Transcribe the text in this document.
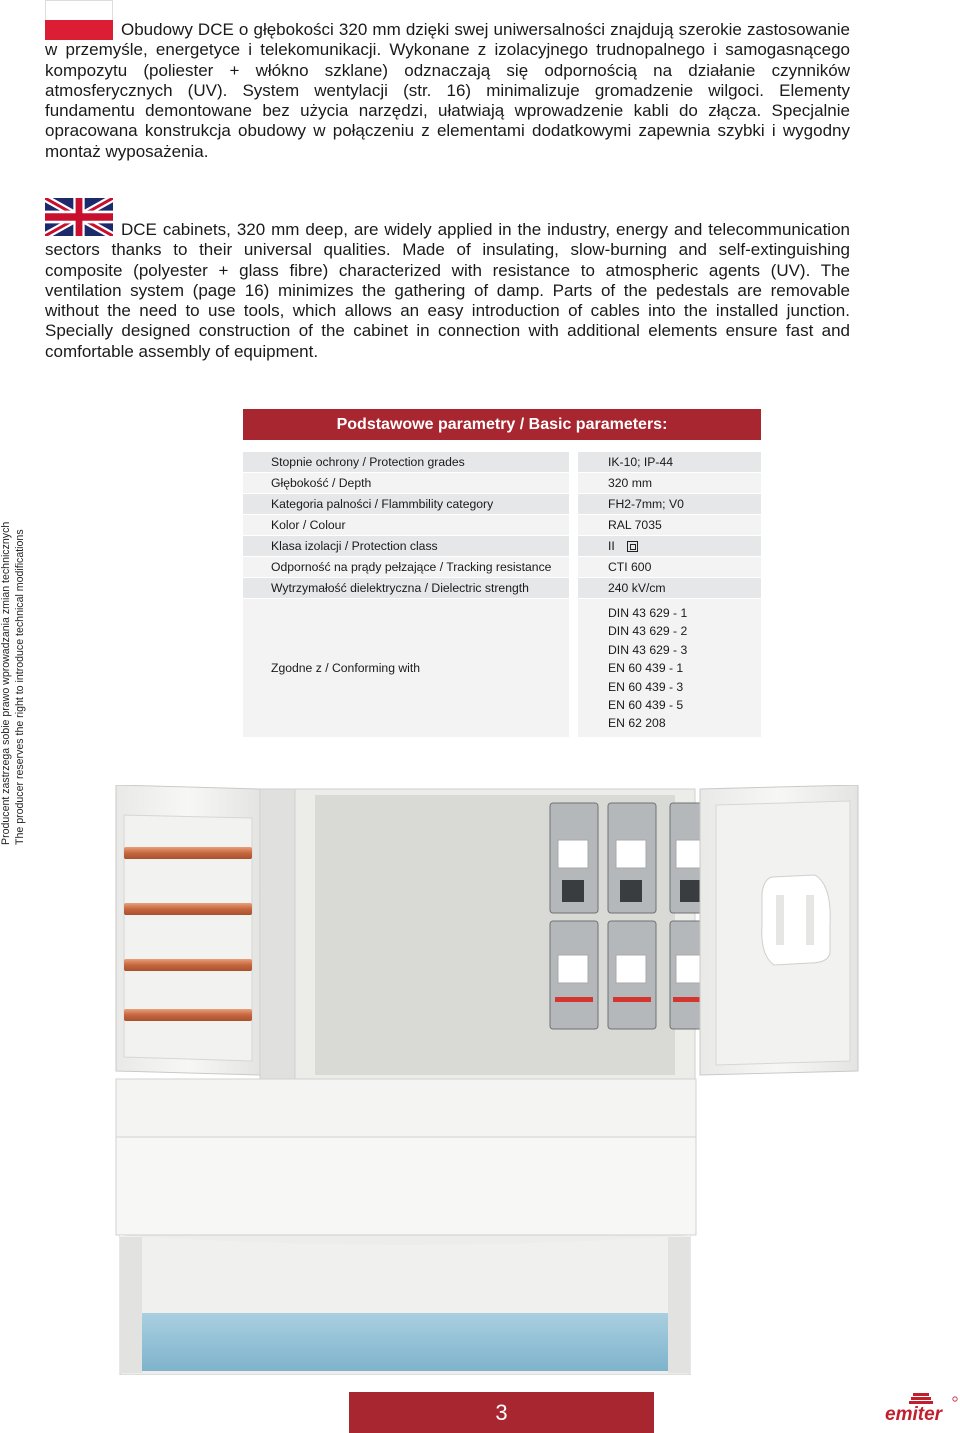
Obudowy DCE o głębokości 320 mm dzięki swej uniwersalności znajdują szerokie zastosowanie w przemyśle, energetyce i telekomunikacji. Wykonane z izolacyjnego trudnopalnego i samogasnącego kompozytu (poliester + włókno szklane) odznaczają się odpornością na działanie czynników atmosferycznych (UV). System wentylacji (str. 16) minimalizuje gromadzenie wilgoci. Elementy fundamentu demontowane bez użycia narzędzi, ułatwiają wprowadzenie kabli do złącza. Specjalnie opracowana konstrukcja obudowy w połączeniu z elementami dodatkowymi zapewnia szybki i wygodny montaż wyposażenia.
DCE cabinets, 320 mm deep, are widely applied in the industry, energy and telecommunication sectors thanks to their universal qualities. Made of insulating, slow-burning and self-extinguishing composite (polyester + glass fibre) characterized with resistance to atmospheric agents (UV). The ventilation system (page 16) minimizes the gathering of damp. Parts of the pedestals are removable without the need to use tools, which allows an easy introduction of cables into the installed junction. Specially designed construction of the cabinet in connection with additional elements ensure fast and comfortable assembly of equipment.
Podstawowe parametry / Basic parameters:
Stopnie ochrony / Protection grades
Głębokość / Depth
Kategoria palności / Flammbility category
Kolor / Colour
Klasa izolacji / Protection class
Odporność na prądy pełzające / Tracking resistance
Wytrzymałość dielektryczna / Dielectric strength
Zgodne z / Conforming with
IK-10; IP-44
320 mm
FH2-7mm; V0
RAL 7035
II
CTI 600
240 kV/cm
DIN 43 629 - 1
DIN 43 629 - 2
DIN 43 629 - 3
EN 60 439 - 1
EN 60 439 - 3
EN 60 439 - 5
EN 62 208
Producent zastrzega sobie prawo wprowadzania zmian technicznych The producer reserves the right to introduce technical modifications
3	emiter
